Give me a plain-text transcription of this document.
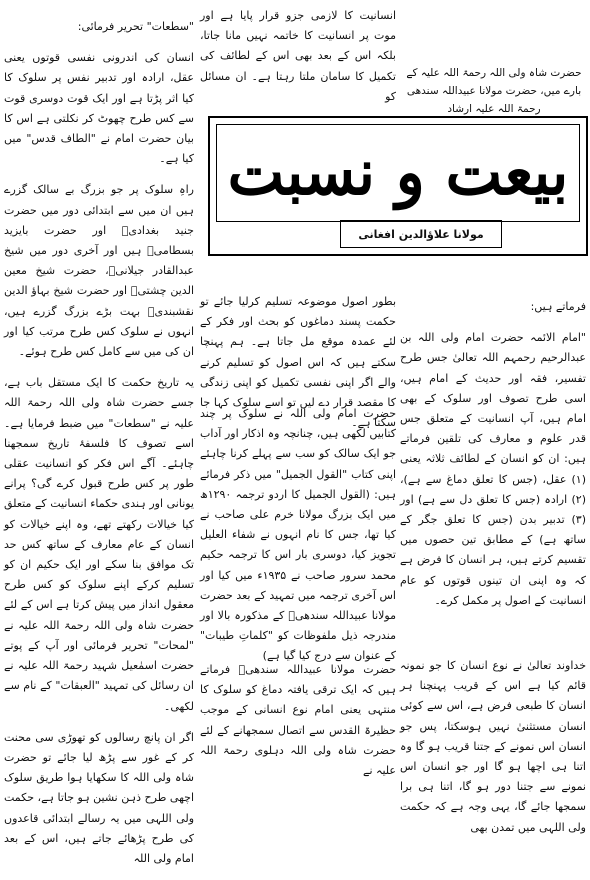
حضرت شاہ ولی اللہ رحمۃ اللہ علیہ کے بارے میں، حضرت مولانا عبیداللہ سندھی رحمۃ اللہ علیہ ارشاد
انسانیت کا لازمی جزو قرار پایا ہے اور موت پر انسانیت کا خاتمہ نہیں مانا جاتا، بلکہ اس کے بعد بھی اس کے لطائف کی تکمیل کا سامان ملتا رہتا ہے۔ ان مسائل کو
بیعت و نسبت
مولانا علاؤالدین افغانی

"سطعات" تحریر فرمائی:

انسان کی اندرونی نفسی قوتوں یعنی عقل، ارادہ اور تدبیر نفس پر سلوک کا کیا اثر پڑتا ہے اور ایک قوت دوسری قوت سے کس طرح چھوٹ کر نکلتی ہے اس کا بیان حضرت امام نے "الطاف قدس" میں کیا ہے۔

راہِ سلوک پر جو بزرگ بے سالک گزرے ہیں ان میں سے ابتدائی دور میں حضرت جنید بغدادیؒ اور حضرت بایزید بسطامیؒ ہیں اور آخری دور میں شیخ عبدالقادر جیلانیؒ، حضرت شیخ معین الدین چشتیؒ اور حضرت شیخ بہاؤ الدین نقشبندیؒ بہت بڑے بزرگ گزرے ہیں، انہوں نے سلوک کس طرح مرتب کیا اور ان کی میں سے کامل کس طرح ہوئے۔

یہ تاریخ حکمت کا ایک مستقل باب ہے، جسے حضرت شاہ ولی اللہ رحمۃ اللہ علیہ نے "سطعات" میں ضبط فرمایا ہے۔ اسے تصوف کا فلسفۂ تاریخ سمجھنا چاہئے۔ آگے اس فکر کو انسانیت عقلی طور پر کس طرح قبول کرے گی؟ پرانے یونانی اور ہندی حکماء انسانیت کے متعلق کیا خیالات رکھتے تھے، وہ اپنے خیالات کو انسان کے عام معارف کے ساتھ کس حد تک موافق بنا سکے اور ایک حکیم ان کو تسلیم کرکے اپنے سلوک کو کس طرح معقول انداز میں پیش کرتا ہے اس کے لئے حضرت شاہ ولی اللہ رحمۃ اللہ علیہ نے "لمحات" تحریر فرمائی اور آپ کے پوتے حضرت اسمٰعیل شہید رحمۃ اللہ علیہ نے ان رسائل کی تمہید "العبقات" کے نام سے لکھی۔

اگر ان پانچ رسالوں کو تھوڑی سی محنت کر کے غور سے پڑھ لیا جائے تو حضرت شاہ ولی اللہ کا سکھایا ہوا طریق سلوک اچھی طرح ذہن نشین ہو جاتا ہے، حکمت ولی اللہی میں یہ رسالے ابتدائی قاعدوں کی طرح پڑھائے جاتے ہیں، اس کے بعد امام ولی اللہ

بطور اصول موضوعہ تسلیم کرلیا جائے تو حکمت پسند دماغوں کو بحث اور فکر کے لئے عمدہ موقع مل جاتا ہے۔ ہم پہنچا سکتے ہیں کہ اس اصول کو تسلیم کرنے والے اگر اپنی نفسی تکمیل کو اپنی زندگی کا مقصد قرار دے لیں تو اسے سلوک کہا جا سکتا ہے۔
حضرت امام ولی اللہ نے سلوک پر چند کتابیں لکھی ہیں، چنانچہ وہ اذکار اور آداب جو ایک سالک کو سب سے پہلے کرنا چاہئے اپنی کتاب "القول الجمیل" میں ذکر فرمائے ہیں: (القول الجمیل کا اردو ترجمہ ۱۲۹۰ھ میں ایک بزرگ مولانا خرم علی صاحب نے کیا تھا، جس کا نام انہوں نے شفاء العلیل تجویز کیا، دوسری بار اس کا ترجمہ حکیم محمد سرور صاحب نے ۱۹۳۵ء میں کیا اور اس آخری ترجمہ میں تمہید کے بعد حضرت مولانا عبیداللہ سندھیؒ کے مذکورہ بالا اور مندرجہ ذیل ملفوظات کو "کلماتِ طیبات" کے عنوان سے درج کیا گیا ہے)
حضرت مولانا عبیداللہ سندھیؒ فرماتے ہیں کہ ایک ترقی یافتہ دماغ کو سلوک کا منتہی یعنی امام نوع انسانی کے موجب حظیرۃ القدس سے اتصال سمجھانے کے لئے حضرت شاہ ولی اللہ دہلوی رحمۃ اللہ علیہ نے

فرماتے ہیں:

"امام الائمہ حضرت امام ولی اللہ بن عبدالرحیم رحمہم اللہ تعالیٰ جس طرح تفسیر، فقہ اور حدیث کے امام ہیں، اسی طرح تصوف اور سلوک کے بھی امام ہیں، آپ انسانیت کے متعلق جس قدر علوم و معارف کی تلقین فرماتے ہیں: ان کو انسان کے لطائف ثلاثہ یعنی (۱) عقل، (جس کا تعلق دماغ سے ہے)، (۲) ارادہ (جس کا تعلق دل سے ہے) اور (۳) تدبیر بدن (جس کا تعلق جگر کے ساتھ ہے) کے مطابق تین حصوں میں تقسیم کرتے ہیں، ہر انسان کا فرض ہے کہ وہ اپنی ان تینوں قوتوں کو عام انسانیت کے اصول پر مکمل کرے۔

خداوند تعالیٰ نے نوع انسان کا جو نمونہ قائم کیا ہے اس کے قریب پہنچنا ہر انسان کا طبعی فرض ہے، اس سے کوئی انسان مستثنیٰ نہیں ہوسکتا، پس جو انسان اس نمونے کے جتنا قریب ہو گا وہ اتنا ہی اچھا ہو گا اور جو انسان اس نمونے سے جتنا دور ہو گا، اتنا ہی برا سمجھا جائے گا، یہی وجہ ہے کہ حکمت ولی اللہی میں تمدن بھی
